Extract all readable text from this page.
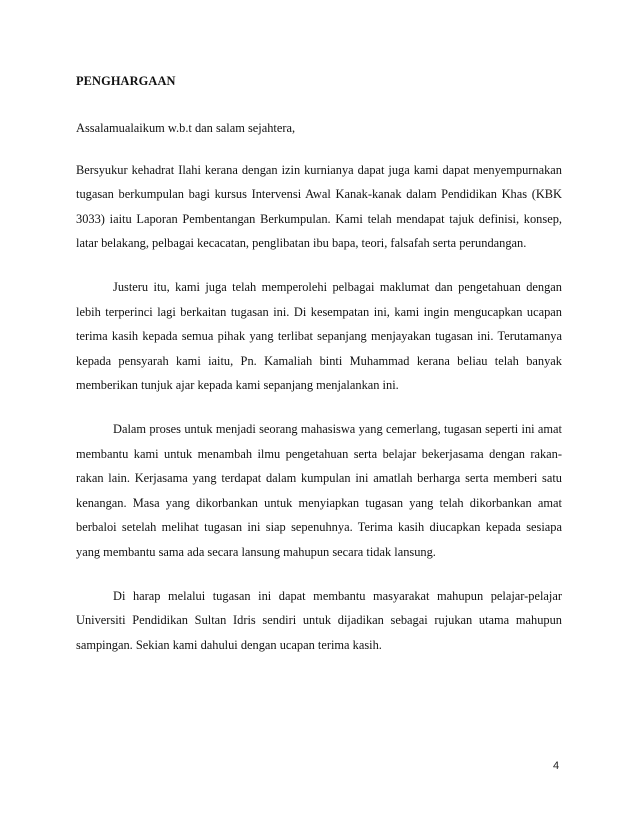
PENGHARGAAN

Assalamualaikum w.b.t dan salam sejahtera,

Bersyukur kehadrat Ilahi kerana dengan izin kurnianya dapat juga kami dapat menyempurnakan tugasan berkumpulan bagi kursus Intervensi Awal Kanak-kanak dalam Pendidikan Khas (KBK 3033) iaitu Laporan Pembentangan Berkumpulan. Kami telah mendapat tajuk definisi, konsep, latar belakang, pelbagai kecacatan, penglibatan ibu bapa, teori, falsafah serta perundangan.

Justeru itu, kami juga telah memperolehi pelbagai maklumat dan pengetahuan dengan lebih terperinci lagi berkaitan tugasan ini. Di kesempatan ini, kami ingin mengucapkan ucapan terima kasih kepada semua pihak yang terlibat sepanjang menjayakan tugasan ini. Terutamanya kepada pensyarah kami iaitu, Pn. Kamaliah binti Muhammad kerana beliau telah banyak memberikan tunjuk ajar kepada kami sepanjang menjalankan ini.

Dalam proses untuk menjadi seorang mahasiswa yang cemerlang, tugasan seperti ini amat membantu kami untuk menambah ilmu pengetahuan serta belajar bekerjasama dengan rakan-rakan lain. Kerjasama yang terdapat dalam kumpulan ini amatlah berharga serta memberi satu kenangan. Masa yang dikorbankan untuk menyiapkan tugasan yang telah dikorbankan amat berbaloi setelah melihat tugasan ini siap sepenuhnya. Terima kasih diucapkan kepada sesiapa yang membantu sama ada secara lansung mahupun secara tidak lansung.

Di harap melalui tugasan ini dapat membantu masyarakat mahupun pelajar-pelajar Universiti Pendidikan Sultan Idris sendiri untuk dijadikan sebagai rujukan utama mahupun sampingan. Sekian kami dahului dengan ucapan terima kasih.

4
